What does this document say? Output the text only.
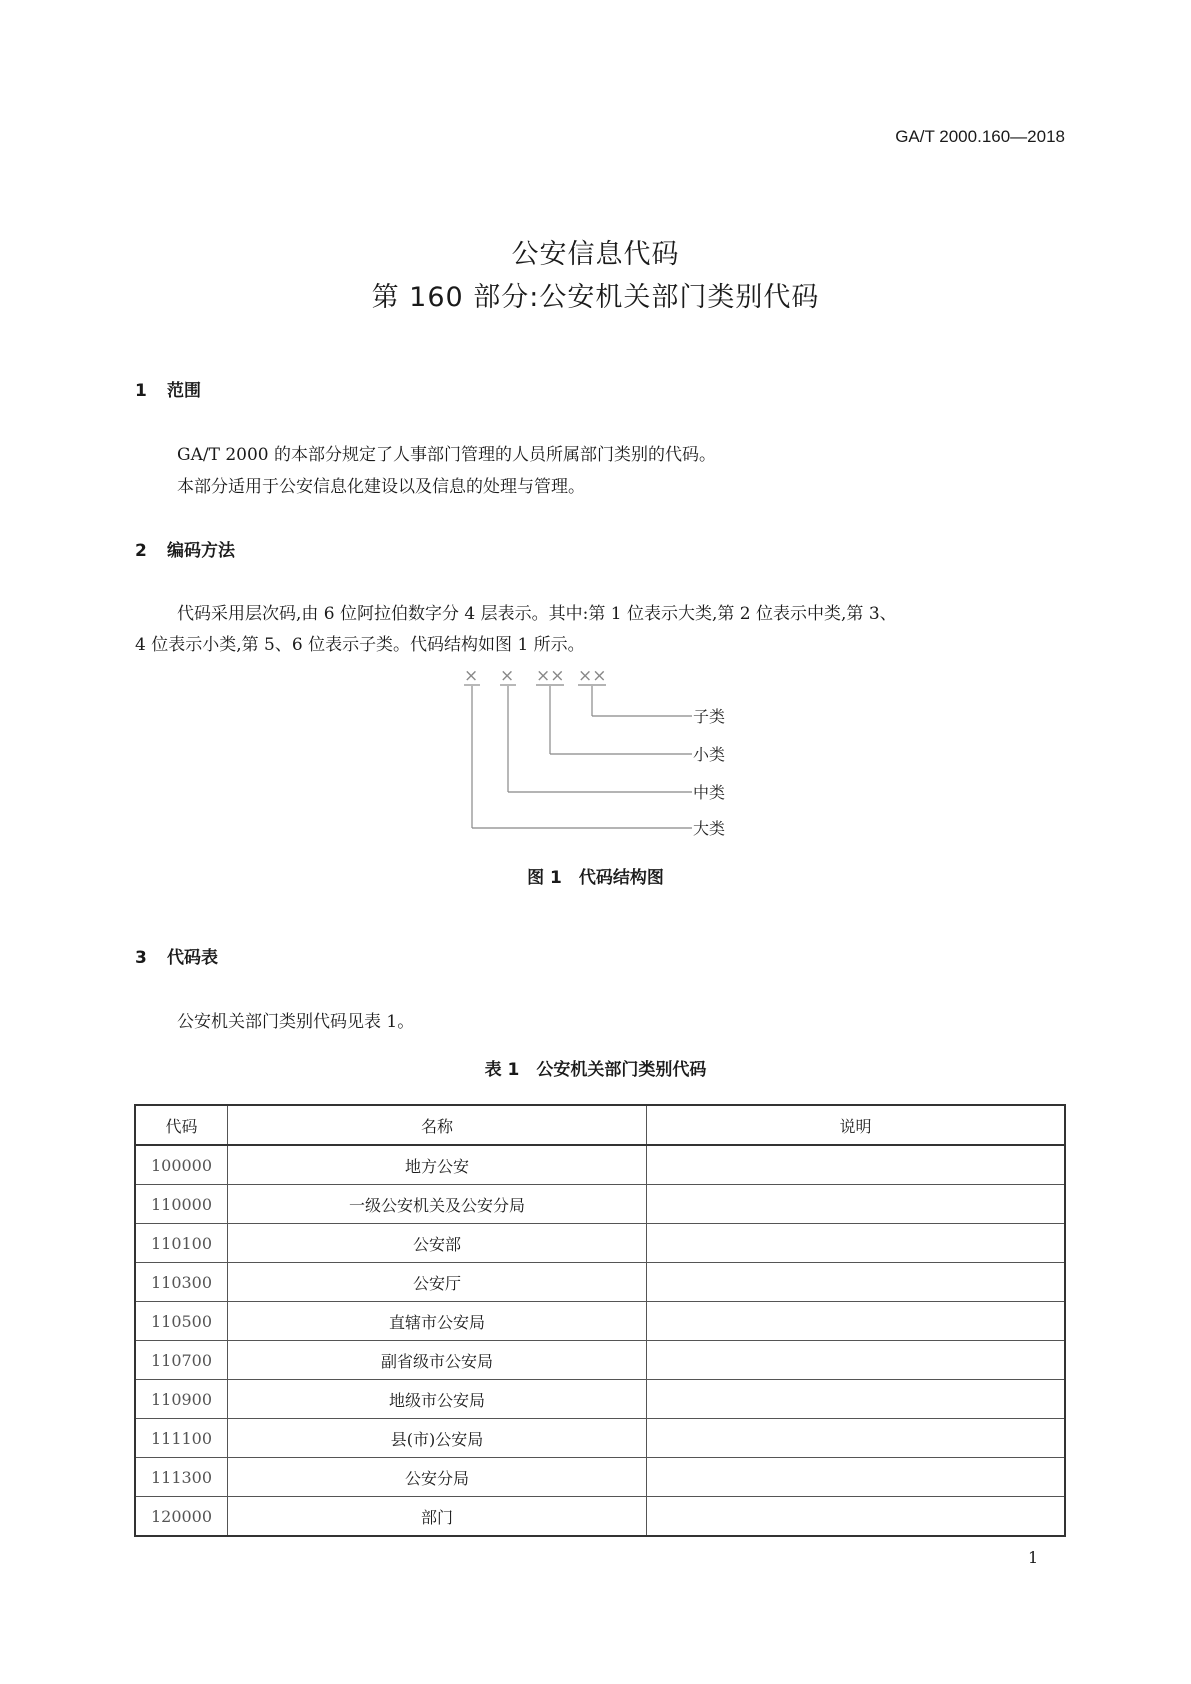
GA/T 2000.160—2018
公安信息代码
第 160 部分:公安机关部门类别代码
1 范围
GA/T 2000 的本部分规定了人事部门管理的人员所属部门类别的代码。
本部分适用于公安信息化建设以及信息的处理与管理。
2 编码方法
代码采用层次码,由 6 位阿拉伯数字分 4 层表示。其中:第 1 位表示大类,第 2 位表示中类,第 3、
4 位表示小类,第 5、6 位表示子类。代码结构如图 1 所示。
× × ×× ××
子类
小类
中类
大类
图 1　代码结构图
3 代码表
公安机关部门类别代码见表 1。
表 1　公安机关部门类别代码
代码	名称	说明
100000	地方公安	
110000	一级公安机关及公安分局	
110100	公安部	
110300	公安厅	
110500	直辖市公安局	
110700	副省级市公安局	
110900	地级市公安局	
111100	县(市)公安局	
111300	公安分局	
120000	部门	
1
